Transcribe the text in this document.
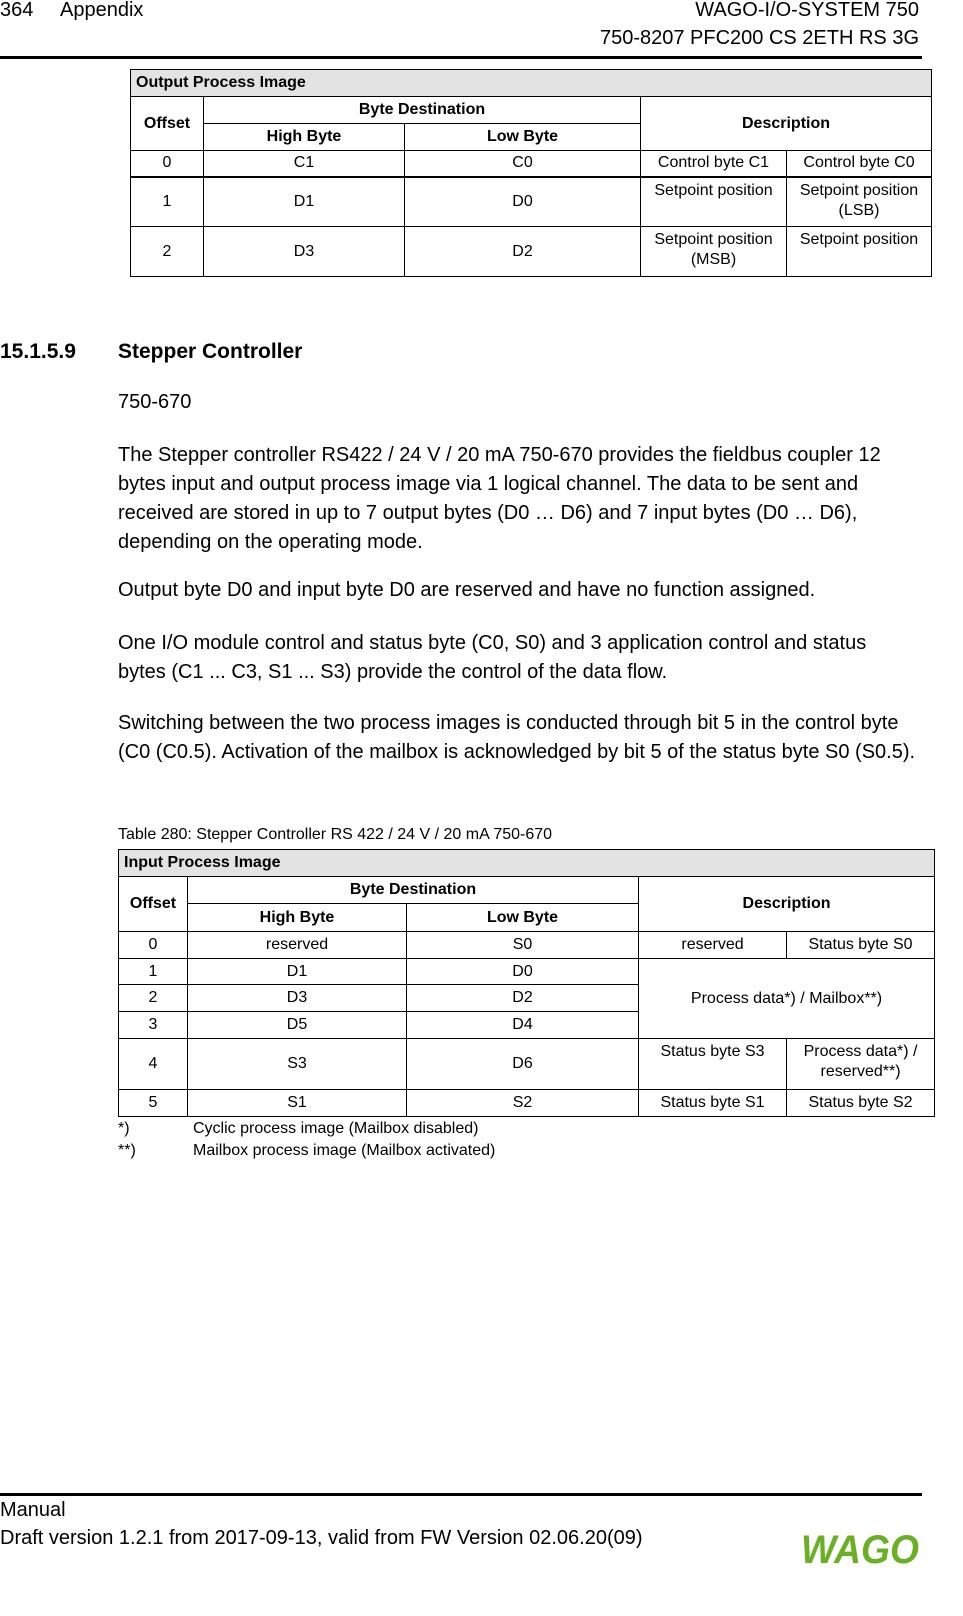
364 Appendix	WAGO-I/O-SYSTEM 750
750-8207 PFC200 CS 2ETH RS 3G
Output Process Image				
Offset	Byte Destination		Description	
	High Byte	Low Byte		
0	C1	C0	Control byte C1	Control byte C0
1	D1	D0	Setpoint position	Setpoint position (LSB)
2	D3	D2	Setpoint position (MSB)	Setpoint position
15.1.5.9 Stepper Controller
750-670
The Stepper controller RS422 / 24 V / 20 mA 750-670 provides the fieldbus coupler 12 bytes input and output process image via 1 logical channel. The data to be sent and received are stored in up to 7 output bytes (D0 … D6) and 7 input bytes (D0 … D6), depending on the operating mode.
Output byte D0 and input byte D0 are reserved and have no function assigned.
One I/O module control and status byte (C0, S0) and 3 application control and status bytes (C1 ... C3, S1 ... S3) provide the control of the data flow.
Switching between the two process images is conducted through bit 5 in the control byte (C0 (C0.5). Activation of the mailbox is acknowledged by bit 5 of the status byte S0 (S0.5).
Table 280: Stepper Controller RS 422 / 24 V / 20 mA 750-670
Input Process Image				
Offset	Byte Destination		Description	
	High Byte	Low Byte		
0	reserved	S0	reserved	Status byte S0
1	D1	D0	Process data*) / Mailbox**)	
2	D3	D2		
3	D5	D4		
4	S3	D6	Status byte S3	Process data*) / reserved**)
5	S1	S2	Status byte S1	Status byte S2
*)	Cyclic process image (Mailbox disabled)
**)	Mailbox process image (Mailbox activated)
Manual
Draft version 1.2.1 from 2017-09-13, valid from FW Version 02.06.20(09)	WAGO
